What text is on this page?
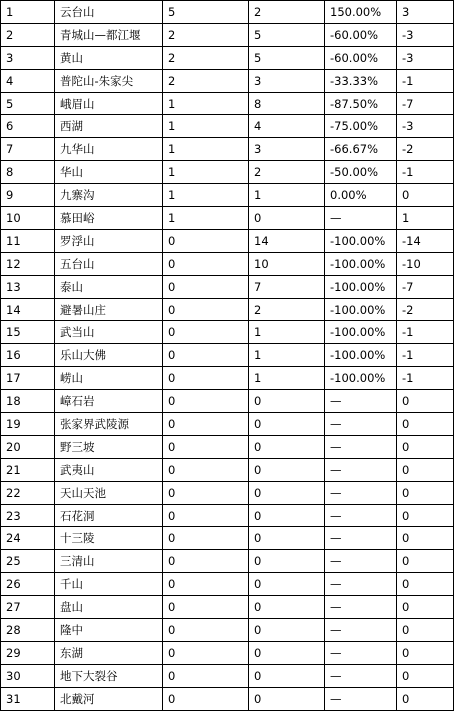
1	云台山	5	2	150.00%	3
2	青城山—都江堰	2	5	-60.00%	-3
3	黄山	2	5	-60.00%	-3
4	普陀山-朱家尖	2	3	-33.33%	-1
5	峨眉山	1	8	-87.50%	-7
6	西湖	1	4	-75.00%	-3
7	九华山	1	3	-66.67%	-2
8	华山	1	2	-50.00%	-1
9	九寨沟	1	1	0.00%	0
10	慕田峪	1	0	—	1
11	罗浮山	0	14	-100.00%	-14
12	五台山	0	10	-100.00%	-10
13	泰山	0	7	-100.00%	-7
14	避暑山庄	0	2	-100.00%	-2
15	武当山	0	1	-100.00%	-1
16	乐山大佛	0	1	-100.00%	-1
17	崂山	0	1	-100.00%	-1
18	嶂石岩	0	0	—	0
19	张家界武陵源	0	0	—	0
20	野三坡	0	0	—	0
21	武夷山	0	0	—	0
22	天山天池	0	0	—	0
23	石花洞	0	0	—	0
24	十三陵	0	0	—	0
25	三清山	0	0	—	0
26	千山	0	0	—	0
27	盘山	0	0	—	0
28	隆中	0	0	—	0
29	东湖	0	0	—	0
30	地下大裂谷	0	0	—	0
31	北戴河	0	0	—	0
